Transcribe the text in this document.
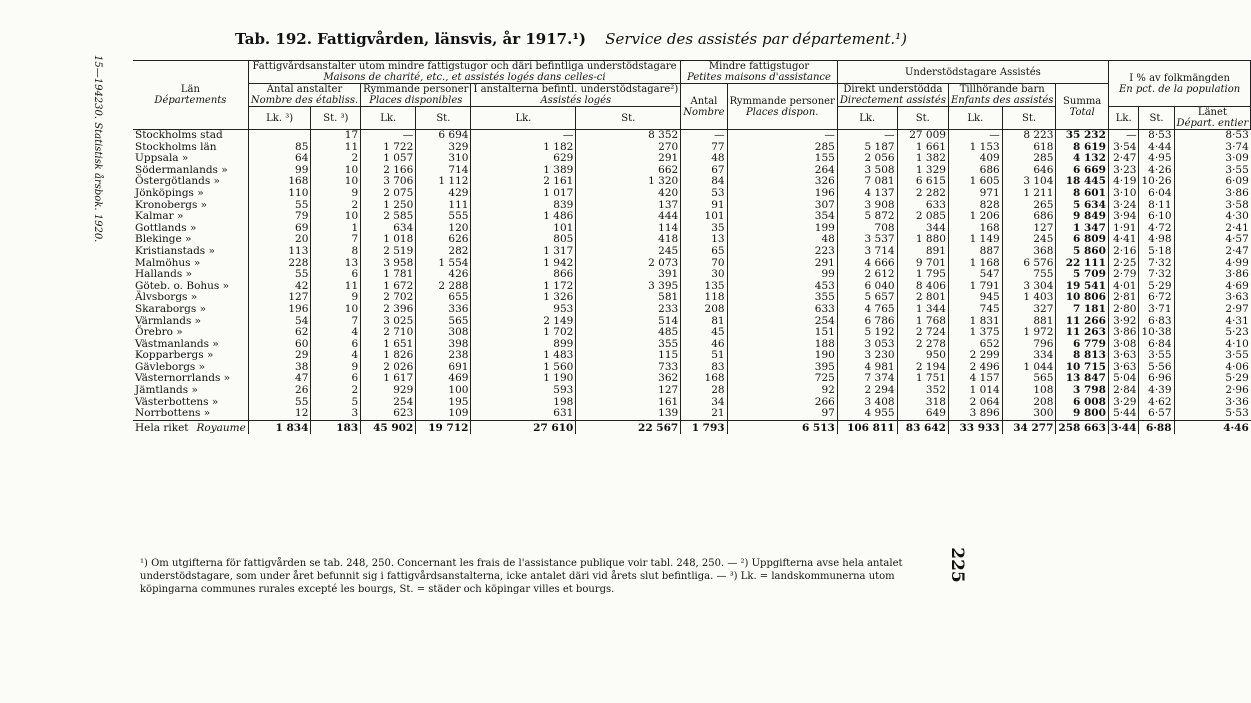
Tab. 192. Fattigvården, länsvis, år 1917.¹) Service des assistés par département.¹)
15—194230. Statistisk årsbok. 1920.
225
Län
Départements	Fattigvårdsanstalter utom mindre fattigstugor och däri befintliga understödstagare
Maisons de charité, etc., et assistés logés dans celles-ci						Mindre fattigstugor
Petites maisons d'assistance		Understödstagare Assistés					I % av folkmängden
En pct. de la population		
	Antal anstalter
Nombre des établiss.		Rymmande personer
Places disponibles		I anstalterna befintl. understödstagare²)
Assistés logés		Antal
Nombre	Rymmande personer
Places dispon.	Direkt understödda
Directement assistés		Tillhörande barn
Enfants des assistés		Summa
Total			
	Lk. ³)	St. ³)	Lk.	St.	Lk.	St.			Lk.	St.	Lk.	St.		Lk.	St.	Länet
Départ. entier
Stockholms stad		17	—	6 694	—	8 352	—	—	—	27 009	—	8 223	35 232	—	8·53	8·53
Stockholms län	85	11	1 722	329	1 182	270	77	285	5 187	1 661	1 153	618	8 619	3·54	4·44	3·74
Uppsala »	64	2	1 057	310	629	291	48	155	2 056	1 382	409	285	4 132	2·47	4·95	3·09
Södermanlands »	99	10	2 166	714	1 389	662	67	264	3 508	1 329	686	646	6 669	3·23	4·26	3·55
Östergötlands »	168	10	3 706	1 112	2 161	1 320	84	326	7 081	6 615	1 605	3 104	18 445	4·19	10·26	6·09
Jönköpings »	110	9	2 075	429	1 017	420	53	196	4 137	2 282	971	1 211	8 601	3·10	6·04	3·86
Kronobergs »	55	2	1 250	111	839	137	91	307	3 908	633	828	265	5 634	3·24	8·11	3·58
Kalmar »	79	10	2 585	555	1 486	444	101	354	5 872	2 085	1 206	686	9 849	3·94	6·10	4·30
Gottlands »	69	1	634	120	101	114	35	199	708	344	168	127	1 347	1·91	4·72	2·41
Blekinge »	20	7	1 018	626	805	418	13	48	3 537	1 880	1 149	245	6 809	4·41	4·98	4·57
Kristianstads »	113	8	2 519	282	1 317	245	65	223	3 714	891	887	368	5 860	2·16	5·18	2·47
Malmöhus »	228	13	3 958	1 554	1 942	2 073	70	291	4 666	9 701	1 168	6 576	22 111	2·25	7·32	4·99
Hallands »	55	6	1 781	426	866	391	30	99	2 612	1 795	547	755	5 709	2·79	7·32	3·86
Göteb. o. Bohus »	42	11	1 672	2 288	1 172	3 395	135	453	6 040	8 406	1 791	3 304	19 541	4·01	5·29	4·69
Älvsborgs »	127	9	2 702	655	1 326	581	118	355	5 657	2 801	945	1 403	10 806	2·81	6·72	3·63
Skaraborgs »	196	10	2 396	336	953	233	208	633	4 765	1 344	745	327	7 181	2·80	3·71	2·97
Värmlands »	54	7	3 025	565	2 149	514	81	254	6 786	1 768	1 831	881	11 266	3·92	6·83	4·31
Örebro »	62	4	2 710	308	1 702	485	45	151	5 192	2 724	1 375	1 972	11 263	3·86	10·38	5·23
Västmanlands »	60	6	1 651	398	899	355	46	188	3 053	2 278	652	796	6 779	3·08	6·84	4·10
Kopparbergs »	29	4	1 826	238	1 483	115	51	190	3 230	950	2 299	334	8 813	3·63	3·55	3·55
Gävleborgs »	38	9	2 026	691	1 560	733	83	395	4 981	2 194	2 496	1 044	10 715	3·63	5·56	4·06
Västernorrlands »	47	6	1 617	469	1 190	362	168	725	7 374	1 751	4 157	565	13 847	5·04	6·96	5·29
Jämtlands »	26	2	929	100	593	127	28	92	2 294	352	1 014	108	3 798	2·84	4·39	2·96
Västerbottens »	55	5	254	195	198	161	34	266	3 408	318	2 064	208	6 008	3·29	4·62	3·36
Norrbottens »	12	3	623	109	631	139	21	97	4 955	649	3 896	300	9 800	5·44	6·57	5·53
Hela riket Royaume	1 834	183	45 902	19 712	27 610	22 567	1 793	6 513	106 811	83 642	33 933	34 277	258 663	3·44	6·88	4·46
¹) Om utgifterna för fattigvården se tab. 248, 250. Concernant les frais de l'assistance publique voir tabl. 248, 250. — ²) Uppgifterna avse hela antalet understödstagare, som under året befunnit sig i fattigvårdsanstalterna, icke antalet däri vid årets slut befintliga. — ³) Lk. = landskommunerna utom köpingarna communes rurales excepté les bourgs, St. = städer och köpingar villes et bourgs.
